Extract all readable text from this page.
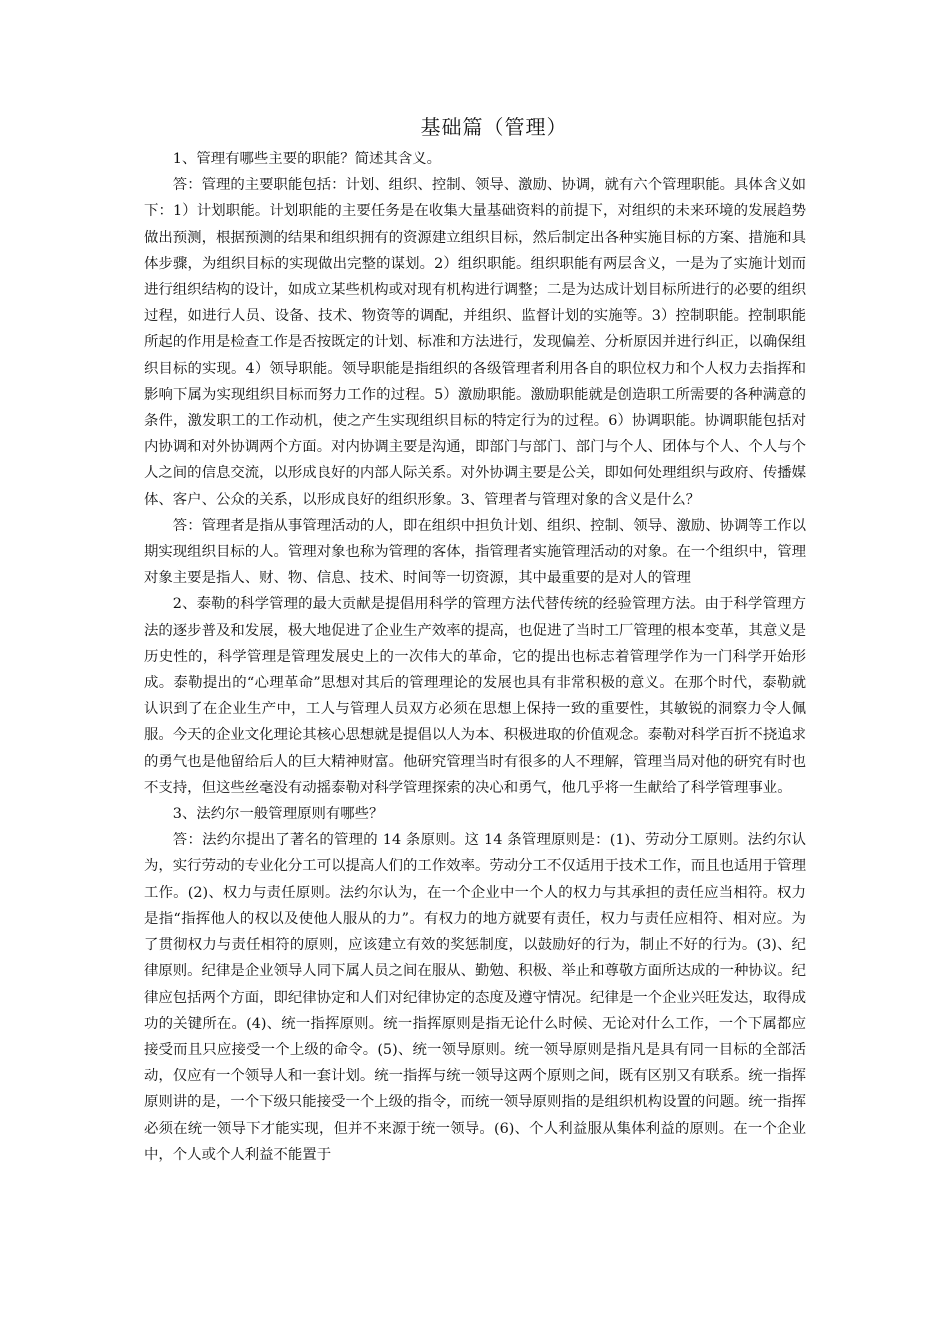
基础篇（管理）

1、管理有哪些主要的职能？简述其含义。

答：管理的主要职能包括：计划、组织、控制、领导、激励、协调，就有六个管理职能。具体含义如下：1）计划职能。计划职能的主要任务是在收集大量基础资料的前提下，对组织的未来环境的发展趋势做出预测，根据预测的结果和组织拥有的资源建立组织目标，然后制定出各种实施目标的方案、措施和具体步骤，为组织目标的实现做出完整的谋划。2）组织职能。组织职能有两层含义，一是为了实施计划而进行组织结构的设计，如成立某些机构或对现有机构进行调整；二是为达成计划目标所进行的必要的组织过程，如进行人员、设备、技术、物资等的调配，并组织、监督计划的实施等。3）控制职能。控制职能所起的作用是检查工作是否按既定的计划、标准和方法进行，发现偏差、分析原因并进行纠正，以确保组织目标的实现。4）领导职能。领导职能是指组织的各级管理者利用各自的职位权力和个人权力去指挥和影响下属为实现组织目标而努力工作的过程。5）激励职能。激励职能就是创造职工所需要的各种满意的条件，激发职工的工作动机，使之产生实现组织目标的特定行为的过程。6）协调职能。协调职能包括对内协调和对外协调两个方面。对内协调主要是沟通，即部门与部门、部门与个人、团体与个人、个人与个人之间的信息交流，以形成良好的内部人际关系。对外协调主要是公关，即如何处理组织与政府、传播媒体、客户、公众的关系，以形成良好的组织形象。3、管理者与管理对象的含义是什么？

答：管理者是指从事管理活动的人，即在组织中担负计划、组织、控制、领导、激励、协调等工作以期实现组织目标的人。管理对象也称为管理的客体，指管理者实施管理活动的对象。在一个组织中，管理对象主要是指人、财、物、信息、技术、时间等一切资源，其中最重要的是对人的管理

2、泰勒的科学管理的最大贡献是提倡用科学的管理方法代替传统的经验管理方法。由于科学管理方法的逐步普及和发展，极大地促进了企业生产效率的提高，也促进了当时工厂管理的根本变革，其意义是历史性的，科学管理是管理发展史上的一次伟大的革命，它的提出也标志着管理学作为一门科学开始形成。泰勒提出的“心理革命”思想对其后的管理理论的发展也具有非常积极的意义。在那个时代，泰勒就认识到了在企业生产中，工人与管理人员双方必须在思想上保持一致的重要性，其敏锐的洞察力令人佩服。今天的企业文化理论其核心思想就是提倡以人为本、积极进取的价值观念。泰勒对科学百折不挠追求的勇气也是他留给后人的巨大精神财富。他研究管理当时有很多的人不理解，管理当局对他的研究有时也不支持，但这些丝毫没有动摇泰勒对科学管理探索的决心和勇气，他几乎将一生献给了科学管理事业。

3、法约尔一般管理原则有哪些？

答：法约尔提出了著名的管理的 14 条原则。这 14 条管理原则是：(1)、劳动分工原则。法约尔认为，实行劳动的专业化分工可以提高人们的工作效率。劳动分工不仅适用于技术工作，而且也适用于管理工作。(2)、权力与责任原则。法约尔认为，在一个企业中一个人的权力与其承担的责任应当相符。权力是指“指挥他人的权以及使他人服从的力”。有权力的地方就要有责任，权力与责任应相符、相对应。为了贯彻权力与责任相符的原则，应该建立有效的奖惩制度，以鼓励好的行为，制止不好的行为。(3)、纪律原则。纪律是企业领导人同下属人员之间在服从、勤勉、积极、举止和尊敬方面所达成的一种协议。纪律应包括两个方面，即纪律协定和人们对纪律协定的态度及遵守情况。纪律是一个企业兴旺发达，取得成功的关键所在。(4)、统一指挥原则。统一指挥原则是指无论什么时候、无论对什么工作，一个下属都应接受而且只应接受一个上级的命令。(5)、统一领导原则。统一领导原则是指凡是具有同一目标的全部活动，仅应有一个领导人和一套计划。统一指挥与统一领导这两个原则之间，既有区别又有联系。统一指挥原则讲的是，一个下级只能接受一个上级的指令，而统一领导原则指的是组织机构设置的问题。统一指挥必须在统一领导下才能实现，但并不来源于统一领导。(6)、个人利益服从集体利益的原则。在一个企业中，个人或个人利益不能置于
